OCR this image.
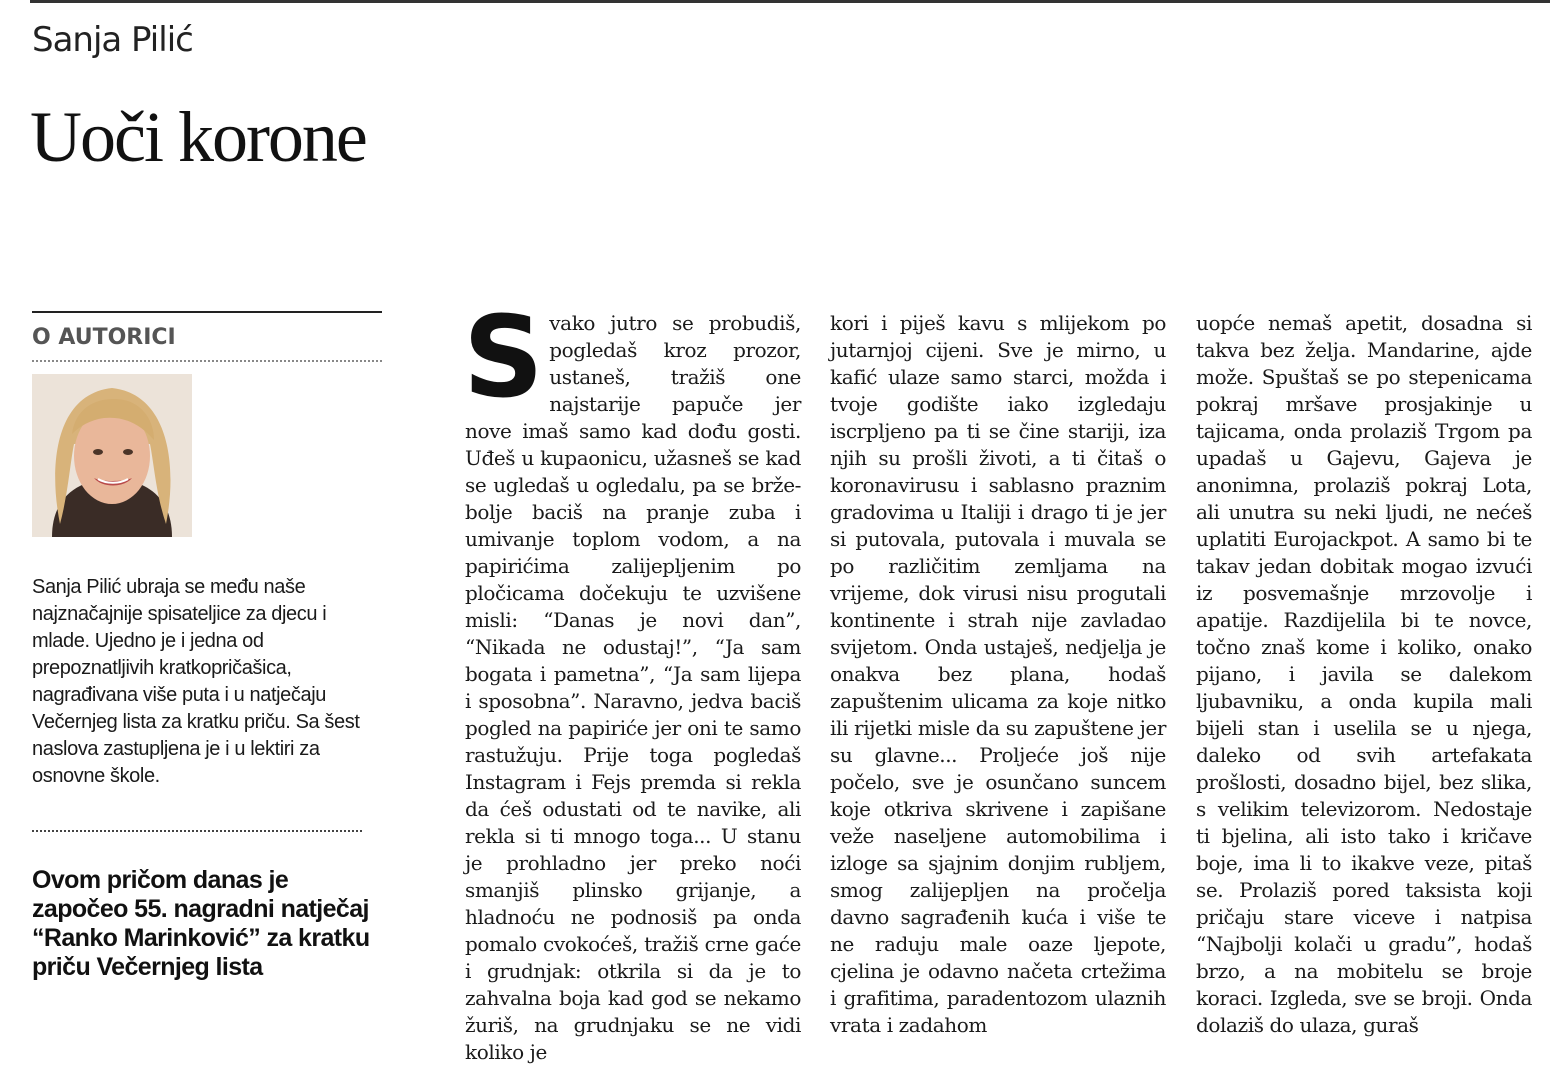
Sanja Pilić
Uoči korone
O AUTORICI
Sanja Pilić ubraja se među naše najznačajnije spisateljice za djecu i mlade. Ujedno je i jedna od prepoznatljivih kratkopričašica, nagrađivana više puta i u natječaju Večernjeg lista za kratku priču. Sa šest naslova zastupljena je i u lektiri za osnovne škole.
Ovom pričom danas je započeo 55. nagradni natječaj “Ranko Marinković” za kratku priču Večernjeg lista
S vako jutro se probudiš, pogledaš kroz prozor, ustaneš, tražiš one najstarije papuče jer nove imaš samo kad dođu gosti. Uđeš u kupaonicu, užasneš se kad se ugledaš u ogledalu, pa se brže-bolje baciš na pranje zuba i umivanje toplom vodom, a na papirićima zalijepljenim po pločicama dočekuju te uzvišene misli: “Danas je novi dan”, “Nikada ne odustaj!”, “Ja sam bogata i pametna”, “Ja sam lijepa i sposobna”. Naravno, jedva baciš pogled na papiriće jer oni te samo rastužuju. Prije toga pogledaš Instagram i Fejs premda si rekla da ćeš odustati od te navike, ali rekla si ti mnogo toga... U stanu je prohladno jer preko noći smanjiš plinsko grijanje, a hladnoću ne podnosiš pa onda pomalo cvokoćeš, tražiš crne gaće i grudnjak: otkrila si da je to zahvalna boja kad god se nekamo žuriš, na grudnjaku se ne vidi koliko je
kori i piješ kavu s mlijekom po jutarnjoj cijeni. Sve je mirno, u kafić ulaze samo starci, možda i tvoje godište iako izgledaju iscrpljeno pa ti se čine stariji, iza njih su prošli životi, a ti čitaš o koronavirusu i sablasno praznim gradovima u Italiji i drago ti je jer si putovala, putovala i muvala se po različitim zemljama na vrijeme, dok virusi nisu progutali kontinente i strah nije zavladao svijetom. Onda ustaješ, nedjelja je onakva bez plana, hodaš zapuštenim ulicama za koje nitko ili rijetki misle da su zapuštene jer su glavne... Proljeće još nije počelo, sve je osunčano suncem koje otkriva skrivene i zapišane veže naseljene automobilima i izloge sa sjajnim donjim rubljem, smog zalijepljen na pročelja davno sagrađenih kuća i više te ne raduju male oaze ljepote, cjelina je odavno načeta crtežima i grafitima, paradentozom ulaznih vrata i zadahom
uopće nemaš apetit, dosadna si takva bez želja. Mandarine, ajde može. Spuštaš se po stepenicama pokraj mršave prosjakinje u tajicama, onda prolaziš Trgom pa upadaš u Gajevu, Gajeva je anonimna, prolaziš pokraj Lota, ali unutra su neki ljudi, ne nećeš uplatiti Eurojackpot. A samo bi te takav jedan dobitak mogao izvući iz posvemašnje mrzovolje i apatije. Razdijelila bi te novce, točno znaš kome i koliko, onako pijano, i javila se dalekom ljubavniku, a onda kupila mali bijeli stan i uselila se u njega, daleko od svih artefakata prošlosti, dosadno bijel, bez slika, s velikim televizorom. Nedostaje ti bjelina, ali isto tako i kričave boje, ima li to ikakve veze, pitaš se. Prolaziš pored taksista koji pričaju stare viceve i natpisa “Najbolji kolači u gradu”, hodaš brzo, a na mobitelu se broje koraci. Izgleda, sve se broji. Onda dolaziš do ulaza, guraš
